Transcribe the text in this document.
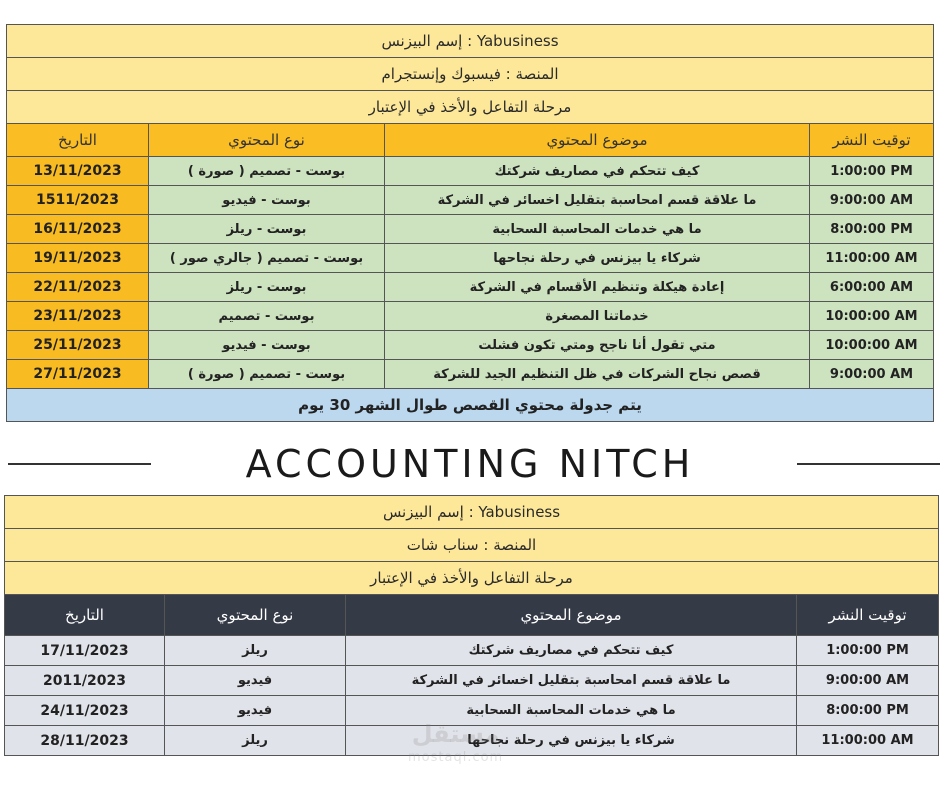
إسم البيزنس : Yabusiness			
المنصة : فيسبوك وإنستجرام			
مرحلة التفاعل والأخذ في الإعتبار			
التاريخ	نوع المحتوي	موضوع المحتوي	توقيت النشر
13/11/2023	بوست - تصميم ( صورة )	كيف تتحكم في مصاريف شركتك	1:00:00 PM
1511/2023	بوست - فيديو	ما علاقة قسم امحاسبة بتقليل اخسائر في الشركة	9:00:00 AM
16/11/2023	بوست - ريلز	ما هي خدمات المحاسبة السحابية	8:00:00 PM
19/11/2023	بوست - تصميم ( جالري صور )	شركاء يا بيزنس في رحلة نجاحها	11:00:00 AM
22/11/2023	بوست - ريلز	إعادة هيكلة وتنظيم الأقسام في الشركة	6:00:00 AM
23/11/2023	بوست - تصميم	خدماتنا المصغرة	10:00:00 AM
25/11/2023	بوست - فيديو	متي تقول أنا ناجح ومتي تكون فشلت	10:00:00 AM
27/11/2023	بوست - تصميم ( صورة )	قصص نجاح الشركات في ظل التنظيم الجيد للشركة	9:00:00 AM
يتم جدولة محتوي القصص طوال الشهر 30 يوم			
ACCOUNTING NITCH
إسم البيزنس : Yabusiness			
المنصة : سناب شات			
مرحلة التفاعل والأخذ في الإعتبار			
التاريخ	نوع المحتوي	موضوع المحتوي	توقيت النشر
17/11/2023	ريلز	كيف تتحكم في مصاريف شركتك	1:00:00 PM
2011/2023	فيديو	ما علاقة قسم امحاسبة بتقليل اخسائر في الشركة	9:00:00 AM
24/11/2023	فيديو	ما هي خدمات المحاسبة السحابية	8:00:00 PM
28/11/2023	ريلز	شركاء يا بيزنس في رحلة نجاحها	11:00:00 AM
مستقل
mostaql.com
